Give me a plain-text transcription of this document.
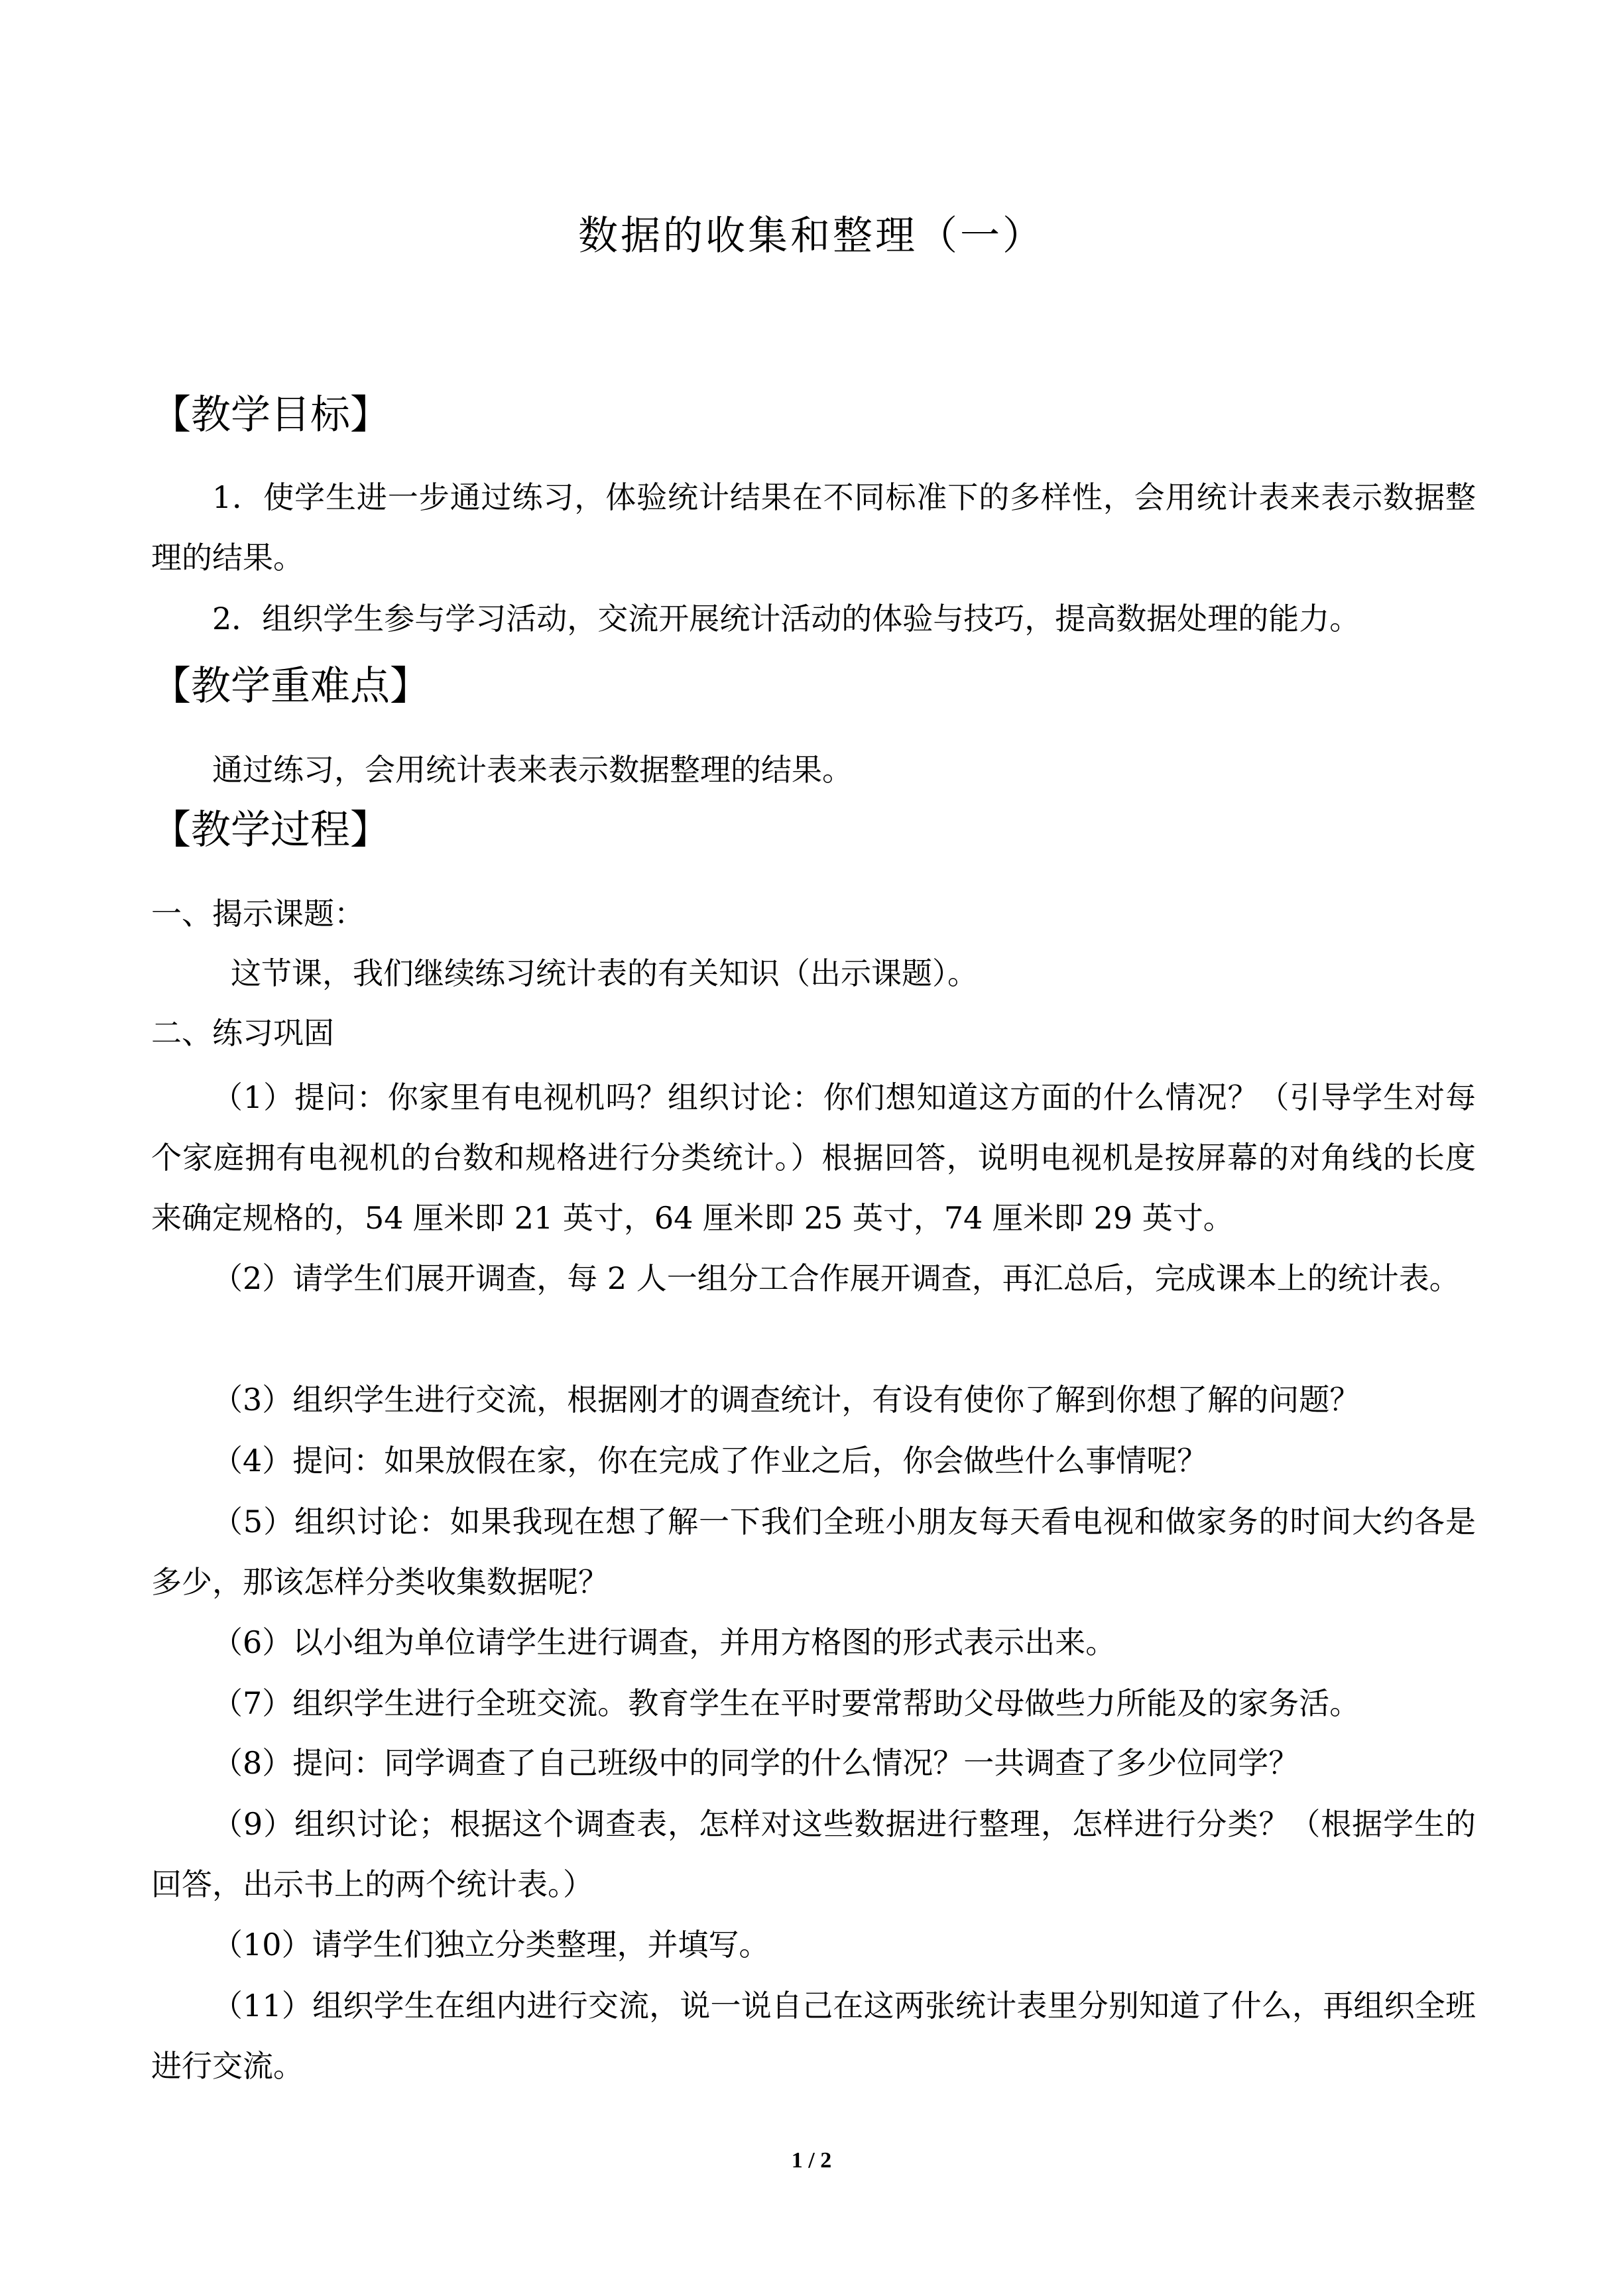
数据的收集和整理（一）
【教学目标】
1．使学生进一步通过练习，体验统计结果在不同标准下的多样性，会用统计表来表示数据整理的结果。
2．组织学生参与学习活动，交流开展统计活动的体验与技巧，提高数据处理的能力。
【教学重难点】
通过练习，会用统计表来表示数据整理的结果。
【教学过程】
一、揭示课题：
这节课，我们继续练习统计表的有关知识（出示课题）。
二、练习巩固
（1）提问：你家里有电视机吗？组织讨论：你们想知道这方面的什么情况？（引导学生对每个家庭拥有电视机的台数和规格进行分类统计。）根据回答，说明电视机是按屏幕的对角线的长度来确定规格的，54 厘米即 21 英寸，64 厘米即 25 英寸，74 厘米即 29 英寸。
（2）请学生们展开调查，每 2 人一组分工合作展开调查，再汇总后，完成课本上的统计表。
（3）组织学生进行交流，根据刚才的调查统计，有设有使你了解到你想了解的问题？
（4）提问：如果放假在家，你在完成了作业之后，你会做些什么事情呢？
（5）组织讨论：如果我现在想了解一下我们全班小朋友每天看电视和做家务的时间大约各是多少，那该怎样分类收集数据呢？
（6）以小组为单位请学生进行调查，并用方格图的形式表示出来。
（7）组织学生进行全班交流。教育学生在平时要常帮助父母做些力所能及的家务活。
（8）提问：同学调查了自己班级中的同学的什么情况？一共调查了多少位同学？
（9）组织讨论；根据这个调查表，怎样对这些数据进行整理，怎样进行分类？（根据学生的回答，出示书上的两个统计表。）
（10）请学生们独立分类整理，并填写。
（11）组织学生在组内进行交流，说一说自己在这两张统计表里分别知道了什么，再组织全班进行交流。
1 / 2
